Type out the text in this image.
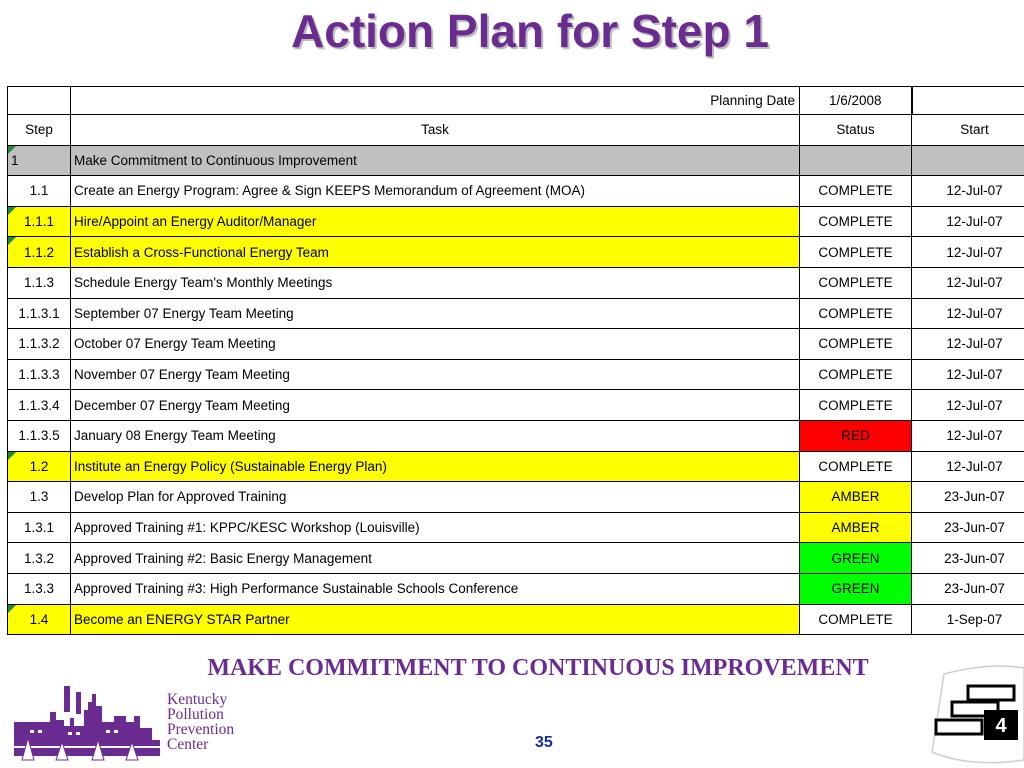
Action Plan for Step 1
	Planning Date	1/6/2008	
Step	Task	Status	Start

1	Make Commitment to Continuous Improvement		
1.1	Create an Energy Program: Agree & Sign KEEPS Memorandum of Agreement (MOA)	COMPLETE	12-Jul-07

1.1.1	Hire/Appoint an Energy Auditor/Manager	COMPLETE	12-Jul-07

1.1.2	Establish a Cross-Functional Energy Team	COMPLETE	12-Jul-07
1.1.3	Schedule Energy Team's Monthly Meetings	COMPLETE	12-Jul-07
1.1.3.1	September 07 Energy Team Meeting	COMPLETE	12-Jul-07
1.1.3.2	October 07 Energy Team Meeting	COMPLETE	12-Jul-07
1.1.3.3	November 07 Energy Team Meeting	COMPLETE	12-Jul-07
1.1.3.4	December 07 Energy Team Meeting	COMPLETE	12-Jul-07
1.1.3.5	January 08 Energy Team Meeting	RED	12-Jul-07

1.2	Institute an Energy Policy (Sustainable Energy Plan)	COMPLETE	12-Jul-07
1.3	Develop Plan for Approved Training	AMBER	23-Jun-07
1.3.1	Approved Training #1: KPPC/KESC Workshop (Louisville)	AMBER	23-Jun-07
1.3.2	Approved Training #2: Basic Energy Management	GREEN	23-Jun-07
1.3.3	Approved Training #3: High Performance Sustainable Schools Conference	GREEN	23-Jun-07

1.4	Become an ENERGY STAR Partner	COMPLETE	1-Sep-07
MAKE COMMITMENT TO CONTINUOUS IMPROVEMENT
Kentucky
Pollution
Prevention
Center	35
4
